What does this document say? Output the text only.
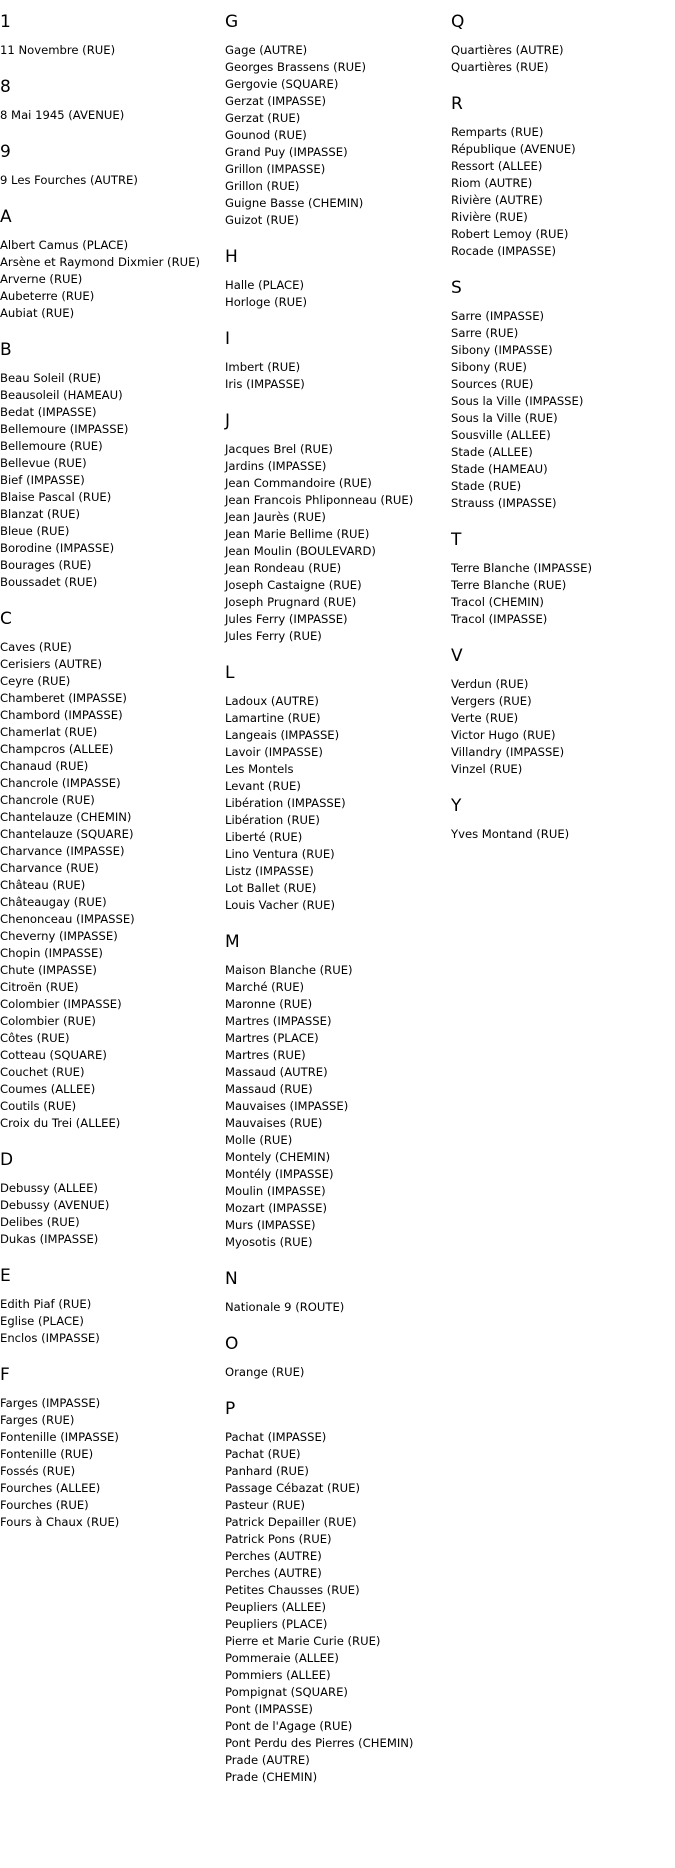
1
11 Novembre (RUE)
8
8 Mai 1945 (AVENUE)
9
9 Les Fourches (AUTRE)
A
Albert Camus (PLACE)
Arsène et Raymond Dixmier (RUE)
Arverne (RUE)
Aubeterre (RUE)
Aubiat (RUE)
B
Beau Soleil (RUE)
Beausoleil (HAMEAU)
Bedat (IMPASSE)
Bellemoure (IMPASSE)
Bellemoure (RUE)
Bellevue (RUE)
Bief (IMPASSE)
Blaise Pascal (RUE)
Blanzat (RUE)
Bleue (RUE)
Borodine (IMPASSE)
Bourages (RUE)
Boussadet (RUE)
C
Caves (RUE)
Cerisiers (AUTRE)
Ceyre (RUE)
Chamberet (IMPASSE)
Chambord (IMPASSE)
Chamerlat (RUE)
Champcros (ALLEE)
Chanaud (RUE)
Chancrole (IMPASSE)
Chancrole (RUE)
Chantelauze (CHEMIN)
Chantelauze (SQUARE)
Charvance (IMPASSE)
Charvance (RUE)
Château (RUE)
Châteaugay (RUE)
Chenonceau (IMPASSE)
Cheverny (IMPASSE)
Chopin (IMPASSE)
Chute (IMPASSE)
Citroën (RUE)
Colombier (IMPASSE)
Colombier (RUE)
Côtes (RUE)
Cotteau (SQUARE)
Couchet (RUE)
Coumes (ALLEE)
Coutils (RUE)
Croix du Trei (ALLEE)
D
Debussy (ALLEE)
Debussy (AVENUE)
Delibes (RUE)
Dukas (IMPASSE)
E
Edith Piaf (RUE)
Eglise (PLACE)
Enclos (IMPASSE)
F
Farges (IMPASSE)
Farges (RUE)
Fontenille (IMPASSE)
Fontenille (RUE)
Fossés (RUE)
Fourches (ALLEE)
Fourches (RUE)
Fours à Chaux (RUE)
G
Gage (AUTRE)
Georges Brassens (RUE)
Gergovie (SQUARE)
Gerzat (IMPASSE)
Gerzat (RUE)
Gounod (RUE)
Grand Puy (IMPASSE)
Grillon (IMPASSE)
Grillon (RUE)
Guigne Basse (CHEMIN)
Guizot (RUE)
H
Halle (PLACE)
Horloge (RUE)
I
Imbert (RUE)
Iris (IMPASSE)
J
Jacques Brel (RUE)
Jardins (IMPASSE)
Jean Commandoire (RUE)
Jean Francois Phliponneau (RUE)
Jean Jaurès (RUE)
Jean Marie Bellime (RUE)
Jean Moulin (BOULEVARD)
Jean Rondeau (RUE)
Joseph Castaigne (RUE)
Joseph Prugnard (RUE)
Jules Ferry (IMPASSE)
Jules Ferry (RUE)
L
Ladoux (AUTRE)
Lamartine (RUE)
Langeais (IMPASSE)
Lavoir (IMPASSE)
Les Montels
Levant (RUE)
Libération (IMPASSE)
Libération (RUE)
Liberté (RUE)
Lino Ventura (RUE)
Listz (IMPASSE)
Lot Ballet (RUE)
Louis Vacher (RUE)
M
Maison Blanche (RUE)
Marché (RUE)
Maronne (RUE)
Martres (IMPASSE)
Martres (PLACE)
Martres (RUE)
Massaud (AUTRE)
Massaud (RUE)
Mauvaises (IMPASSE)
Mauvaises (RUE)
Molle (RUE)
Montely (CHEMIN)
Montély (IMPASSE)
Moulin (IMPASSE)
Mozart (IMPASSE)
Murs (IMPASSE)
Myosotis (RUE)
N
Nationale 9 (ROUTE)
O
Orange (RUE)
P
Pachat (IMPASSE)
Pachat (RUE)
Panhard (RUE)
Passage Cébazat (RUE)
Pasteur (RUE)
Patrick Depailler (RUE)
Patrick Pons (RUE)
Perches (AUTRE)
Perches (AUTRE)
Petites Chausses (RUE)
Peupliers (ALLEE)
Peupliers (PLACE)
Pierre et Marie Curie (RUE)
Pommeraie (ALLEE)
Pommiers (ALLEE)
Pompignat (SQUARE)
Pont (IMPASSE)
Pont de l'Agage (RUE)
Pont Perdu des Pierres (CHEMIN)
Prade (AUTRE)
Prade (CHEMIN)
Q
Quartières (AUTRE)
Quartières (RUE)
R
Remparts (RUE)
République (AVENUE)
Ressort (ALLEE)
Riom (AUTRE)
Rivière (AUTRE)
Rivière (RUE)
Robert Lemoy (RUE)
Rocade (IMPASSE)
S
Sarre (IMPASSE)
Sarre (RUE)
Sibony (IMPASSE)
Sibony (RUE)
Sources (RUE)
Sous la Ville (IMPASSE)
Sous la Ville (RUE)
Sousville (ALLEE)
Stade (ALLEE)
Stade (HAMEAU)
Stade (RUE)
Strauss (IMPASSE)
T
Terre Blanche (IMPASSE)
Terre Blanche (RUE)
Tracol (CHEMIN)
Tracol (IMPASSE)
V
Verdun (RUE)
Vergers (RUE)
Verte (RUE)
Victor Hugo (RUE)
Villandry (IMPASSE)
Vinzel (RUE)
Y
Yves Montand (RUE)
